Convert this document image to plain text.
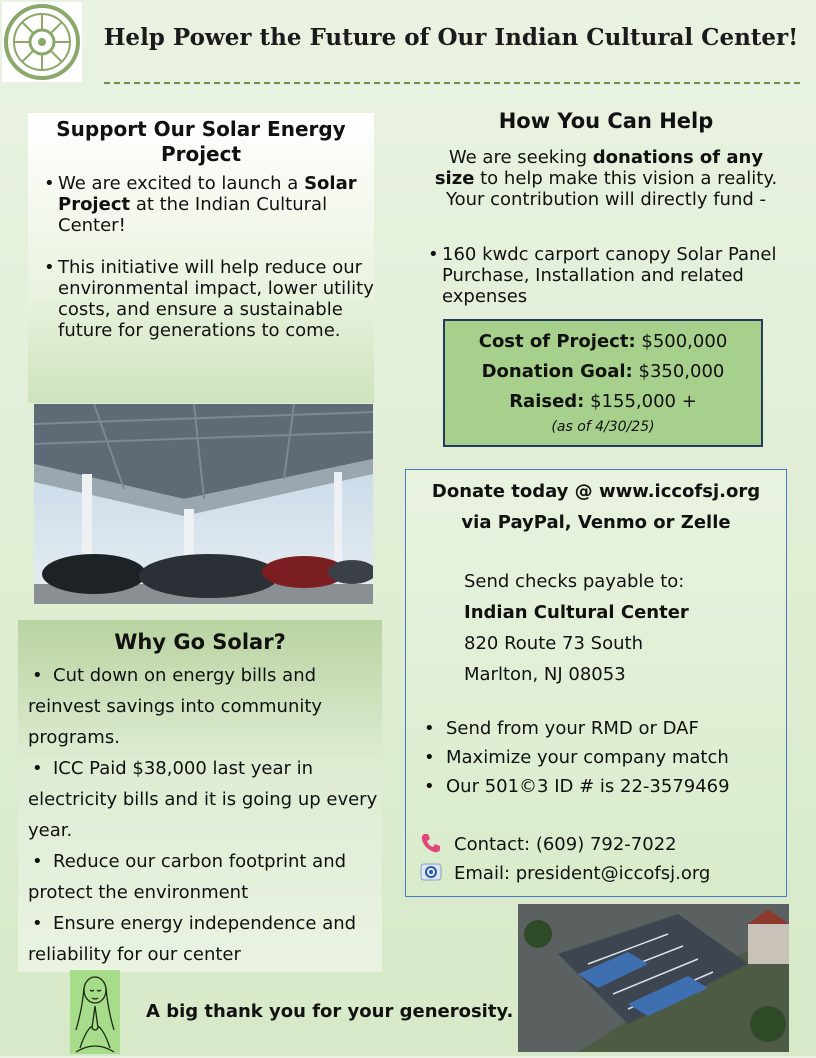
Help Power the Future of Our Indian Cultural Center!
Support Our Solar Energy Project
• We are excited to launch a Solar Project at the Indian Cultural Center!
• This initiative will help reduce our environmental impact, lower utility costs, and ensure a sustainable future for generations to come.
Why Go Solar?
• Cut down on energy bills and reinvest savings into community programs.
• ICC Paid $38,000 last year in electricity bills and it is going up every year.
• Reduce our carbon footprint and protect the environment
• Ensure energy independence and reliability for our center
How You Can Help
We are seeking donations of any size to help make this vision a reality. Your contribution will directly fund -
• 160 kwdc carport canopy Solar Panel Purchase, Installation and related expenses
Cost of Project: $500,000
Donation Goal: $350,000
Raised: $155,000 +
(as of 4/30/25)
Donate today @ www.iccofsj.org
via PayPal, Venmo or Zelle
Send checks payable to:
Indian Cultural Center
820 Route 73 South
Marlton, NJ 08053
• Send from your RMD or DAF
• Maximize your company match
• Our 501©3 ID # is 22-3579469
Contact: (609) 792-7022
Email: president@iccofsj.org
A big thank you for your generosity.
